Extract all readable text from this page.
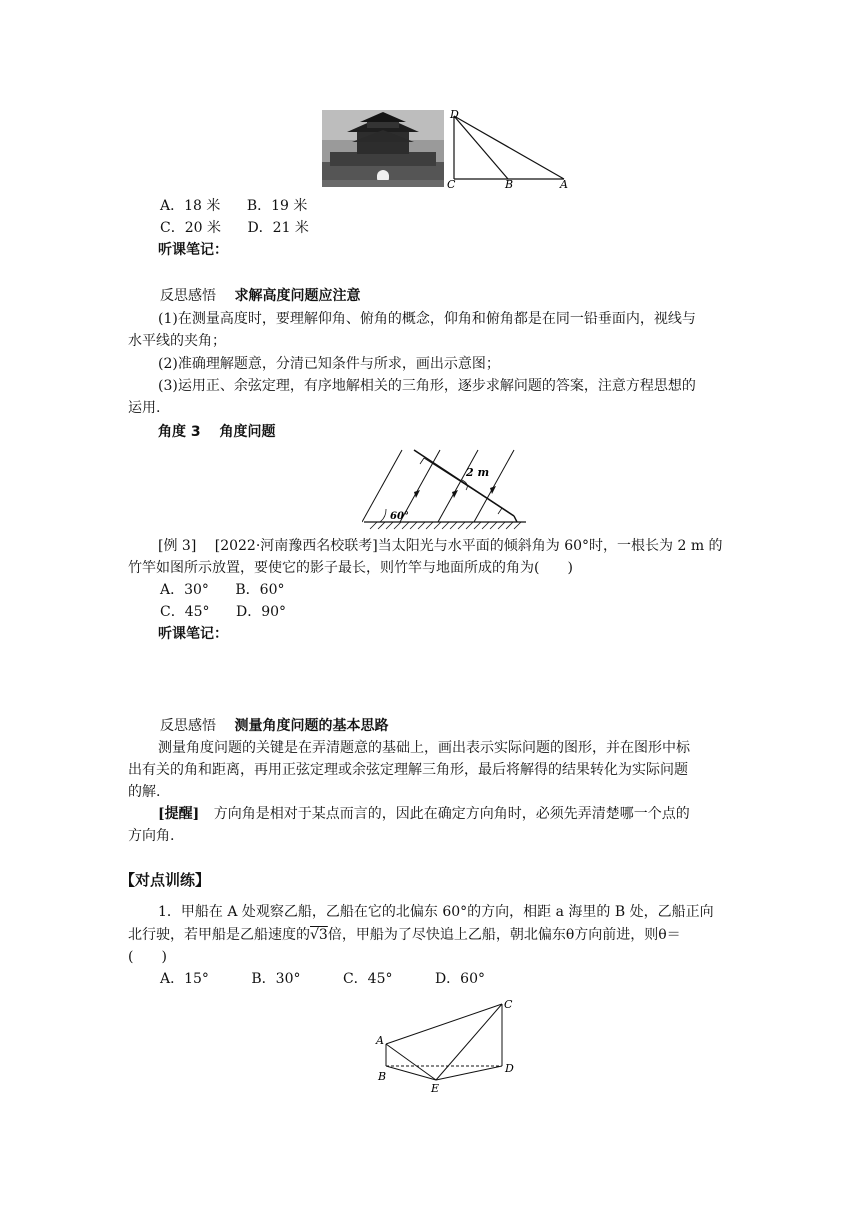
D
C	B	A
A．18 米 B．19 米
C．20 米 D．21 米
听课笔记：
反思感悟 求解高度问题应注意
(1)在测量高度时，要理解仰角、俯角的概念，仰角和俯角都是在同一铅垂面内，视线与
水平线的夹角；
(2)准确理解题意，分清已知条件与所求，画出示意图；
(3)运用正、余弦定理，有序地解相关的三角形，逐步求解问题的答案，注意方程思想的
运用.
角度 3 角度问题
2 m
60°
[例 3] [2022·河南豫西名校联考]当太阳光与水平面的倾斜角为 60°时，一根长为 2 m 的
竹竿如图所示放置，要使它的影子最长，则竹竿与地面所成的角为(　　)
A．30° B．60°
C．45° D．90°
听课笔记：
反思感悟 测量角度问题的基本思路
测量角度问题的关键是在弄清题意的基础上，画出表示实际问题的图形，并在图形中标
出有关的角和距离，再用正弦定理或余弦定理解三角形，最后将解得的结果转化为实际问题
的解.
[提醒] 方向角是相对于某点而言的，因此在确定方向角时，必须先弄清楚哪一个点的
方向角.
【对点训练】
1．甲船在 A 处观察乙船，乙船在它的北偏东 60°的方向，相距 a 海里的 B 处，乙船正向
北行驶，若甲船是乙船速度的√3倍，甲船为了尽快追上乙船，朝北偏东θ方向前进，则θ＝
(　　)
A．15°	B．30°	C．45°	D．60°
A
B
C
D
E
